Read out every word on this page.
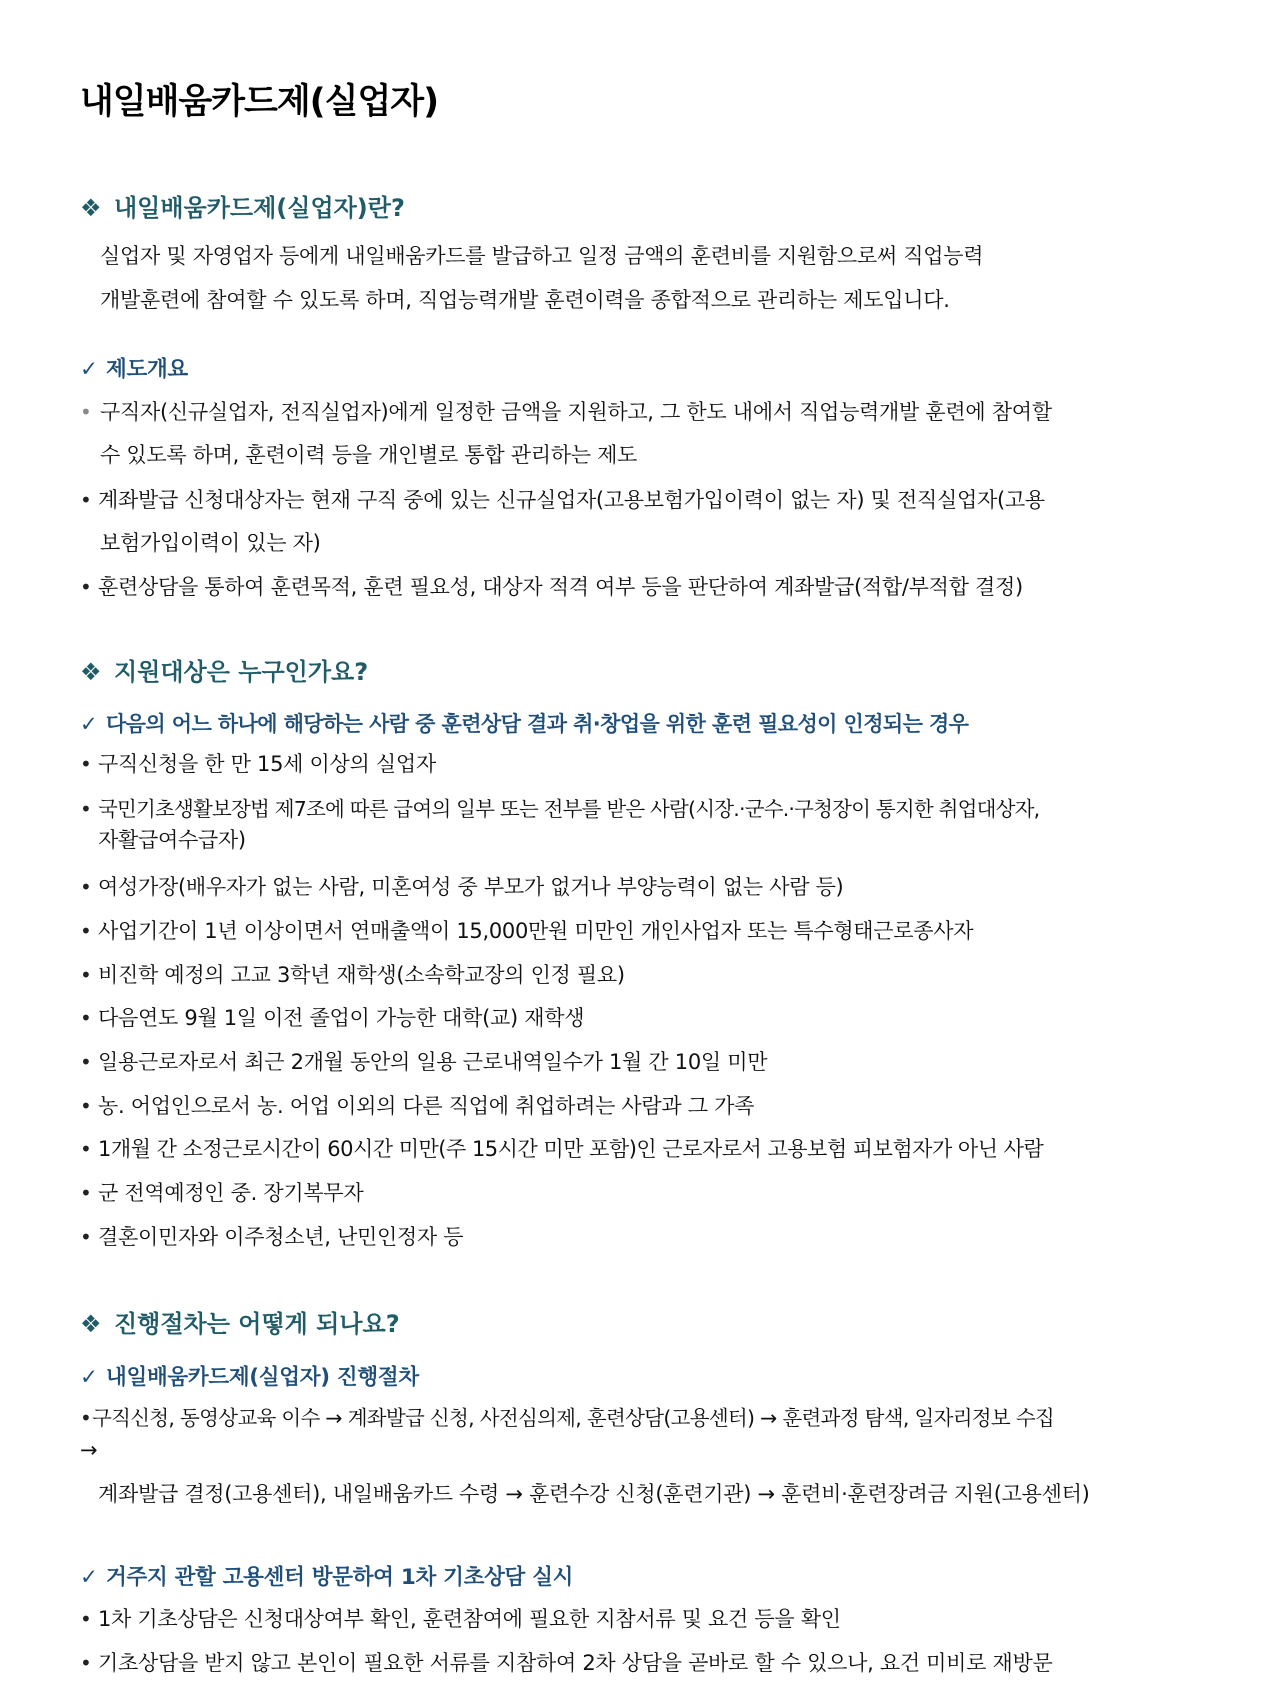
내일배움카드제(실업자)
❖ 내일배움카드제(실업자)란?
실업자 및 자영업자 등에게 내일배움카드를 발급하고 일정 금액의 훈련비를 지원함으로써 직업능력
개발훈련에 참여할 수 있도록 하며, 직업능력개발 훈련이력을 종합적으로 관리하는 제도입니다.
✓ 제도개요
• 구직자(신규실업자, 전직실업자)에게 일정한 금액을 지원하고, 그 한도 내에서 직업능력개발 훈련에 참여할
수 있도록 하며, 훈련이력 등을 개인별로 통합 관리하는 제도
• 계좌발급 신청대상자는 현재 구직 중에 있는 신규실업자(고용보험가입이력이 없는 자) 및 전직실업자(고용
보험가입이력이 있는 자)
• 훈련상담을 통하여 훈련목적, 훈련 필요성, 대상자 적격 여부 등을 판단하여 계좌발급(적합/부적합 결정)
❖ 지원대상은 누구인가요?
✓ 다음의 어느 하나에 해당하는 사람 중 훈련상담 결과 취·창업을 위한 훈련 필요성이 인정되는 경우
• 구직신청을 한 만 15세 이상의 실업자
• 국민기초생활보장법 제7조에 따른 급여의 일부 또는 전부를 받은 사람(시장.·군수.·구청장이 통지한 취업대상자,
자활급여수급자)
• 여성가장(배우자가 없는 사람, 미혼여성 중 부모가 없거나 부양능력이 없는 사람 등)
• 사업기간이 1년 이상이면서 연매출액이 15,000만원 미만인 개인사업자 또는 특수형태근로종사자
• 비진학 예정의 고교 3학년 재학생(소속학교장의 인정 필요)
• 다음연도 9월 1일 이전 졸업이 가능한 대학(교) 재학생
• 일용근로자로서 최근 2개월 동안의 일용 근로내역일수가 1월 간 10일 미만
• 농. 어업인으로서 농. 어업 이외의 다른 직업에 취업하려는 사람과 그 가족
• 1개월 간 소정근로시간이 60시간 미만(주 15시간 미만 포함)인 근로자로서 고용보험 피보험자가 아닌 사람
• 군 전역예정인 중. 장기복무자
• 결혼이민자와 이주청소년, 난민인정자 등
❖ 진행절차는 어떻게 되나요?
✓ 내일배움카드제(실업자) 진행절차
• 구직신청, 동영상교육 이수 → 계좌발급 신청, 사전심의제, 훈련상담(고용센터) → 훈련과정 탐색, 일자리정보 수집
→
계좌발급 결정(고용센터), 내일배움카드 수령 → 훈련수강 신청(훈련기관) → 훈련비·훈련장려금 지원(고용센터)
✓ 거주지 관할 고용센터 방문하여 1차 기초상담 실시
• 1차 기초상담은 신청대상여부 확인, 훈련참여에 필요한 지참서류 및 요건 등을 확인
• 기초상담을 받지 않고 본인이 필요한 서류를 지참하여 2차 상담을 곧바로 할 수 있으나, 요건 미비로 재방문
